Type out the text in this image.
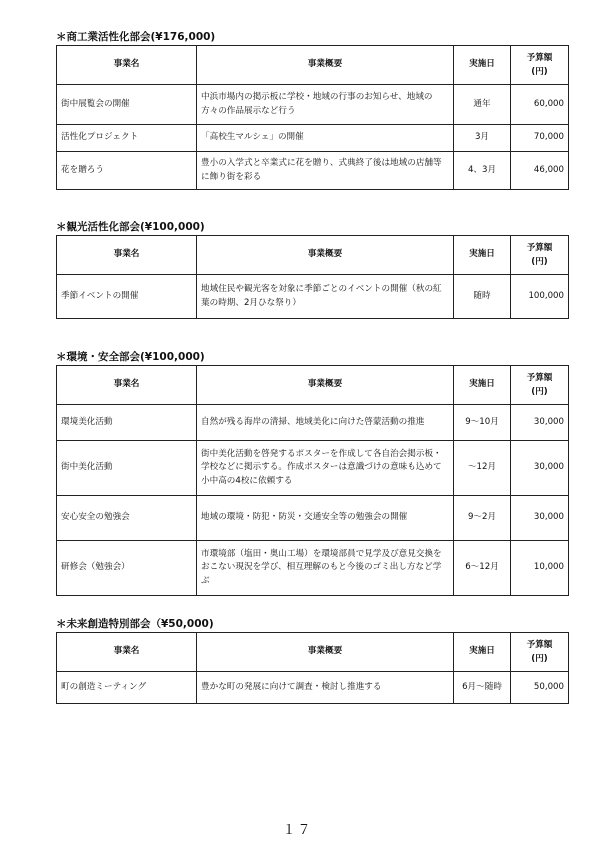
＊商工業活性化部会(¥176,000)
事業名	事業概要	実施日	予算額
(円)

街中展覧会の開催	中浜市場内の掲示板に学校・地域の行事のお知らせ、地域の方々の作品展示など行う	通年	60,000
活性化プロジェクト	「高校生マルシェ」の開催	3月	70,000
花を贈ろう	豊小の入学式と卒業式に花を贈り、式典終了後は地域の店舗等に飾り街を彩る	4、3月	46,000
＊観光活性化部会(¥100,000)
事業名	事業概要	実施日	予算額
(円)

季節イベントの開催	地域住民や観光客を対象に季節ごとのイベントの開催（秋の紅葉の時期、2月ひな祭り）	随時	100,000
＊環境・安全部会(¥100,000)
事業名	事業概要	実施日	予算額
(円)

環境美化活動	自然が残る海岸の清掃、地域美化に向けた啓蒙活動の推進	9～10月	30,000
街中美化活動	街中美化活動を啓発するポスターを作成して各自治会掲示板・学校などに掲示する。作成ポスターは意識づけの意味も込めて小中高の4校に依頼する	～12月	30,000
安心安全の勉強会	地域の環境・防犯・防災・交通安全等の勉強会の開催	9～2月	30,000
研修会（勉強会）	市環境部（塩田・奥山工場）を環境部員で見学及び意見交換をおこない現況を学び、相互理解のもと今後のゴミ出し方など学ぶ	6～12月	10,000
＊未来創造特別部会（¥50,000)
事業名	事業概要	実施日	予算額
(円)

町の創造ミーティング	豊かな町の発展に向けて調査・検討し推進する	6月～随時	50,000
１７
